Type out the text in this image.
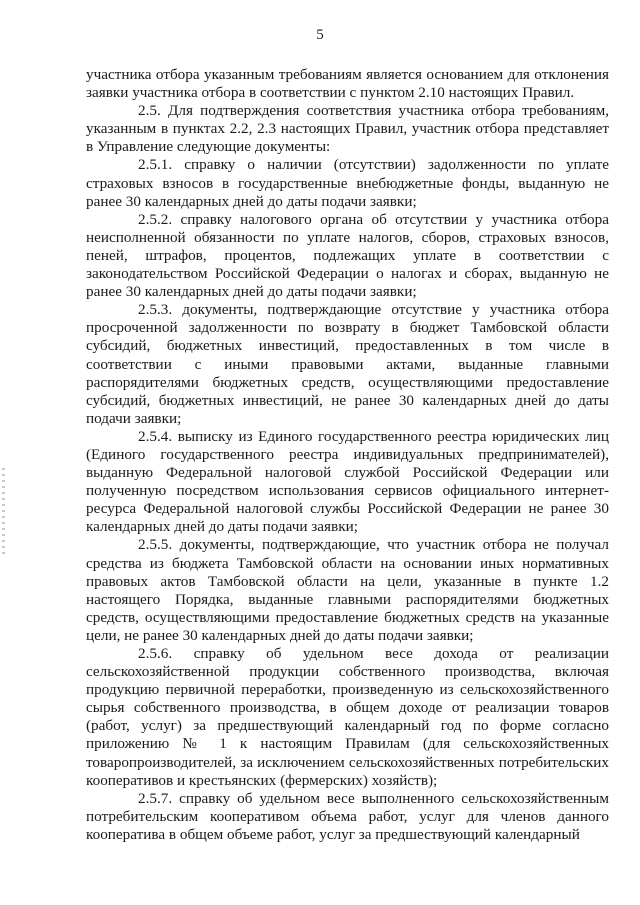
5

участника отбора указанным требованиям является основанием для отклонения заявки участника отбора в соответствии с пунктом 2.10 настоящих Правил.

2.5. Для подтверждения соответствия участника отбора требованиям, указанным в пунктах 2.2, 2.3 настоящих Правил, участник отбора представляет в Управление следующие документы:

2.5.1. справку о наличии (отсутствии) задолженности по уплате страховых взносов в государственные внебюджетные фонды, выданную не ранее 30 календарных дней до даты подачи заявки;

2.5.2. справку налогового органа об отсутствии у участника отбора неисполненной обязанности по уплате налогов, сборов, страховых взносов, пеней, штрафов, процентов, подлежащих уплате в соответствии с законодательством Российской Федерации о налогах и сборах, выданную не ранее 30 календарных дней до даты подачи заявки;

2.5.3. документы, подтверждающие отсутствие у участника отбора просроченной задолженности по возврату в бюджет Тамбовской области субсидий, бюджетных инвестиций, предоставленных в том числе в соответствии с иными правовыми актами, выданные главными распорядителями бюджетных средств, осуществляющими предоставление субсидий, бюджетных инвестиций, не ранее 30 календарных дней до даты подачи заявки;

2.5.4. выписку из Единого государственного реестра юридических лиц (Единого государственного реестра индивидуальных предпринимателей), выданную Федеральной налоговой службой Российской Федерации или полученную посредством использования сервисов официального интернет-ресурса Федеральной налоговой службы Российской Федерации не ранее 30 календарных дней до даты подачи заявки;

2.5.5. документы, подтверждающие, что участник отбора не получал средства из бюджета Тамбовской области на основании иных нормативных правовых актов Тамбовской области на цели, указанные в пункте 1.2 настоящего Порядка, выданные главными распорядителями бюджетных средств, осуществляющими предоставление бюджетных средств на указанные цели, не ранее 30 календарных дней до даты подачи заявки;

2.5.6. справку об удельном весе дохода от реализации сельскохозяйственной продукции собственного производства, включая продукцию первичной переработки, произведенную из сельскохозяйственного сырья собственного производства, в общем доходе от реализации товаров (работ, услуг) за предшествующий календарный год по форме согласно приложению № 1 к настоящим Правилам (для сельскохозяйственных товаропроизводителей, за исключением сельскохозяйственных потребительских кооперативов и крестьянских (фермерских) хозяйств);

2.5.7. справку об удельном весе выполненного сельскохозяйственным потребительским кооперативом объема работ, услуг для членов данного кооператива в общем объеме работ, услуг за предшествующий календарный
